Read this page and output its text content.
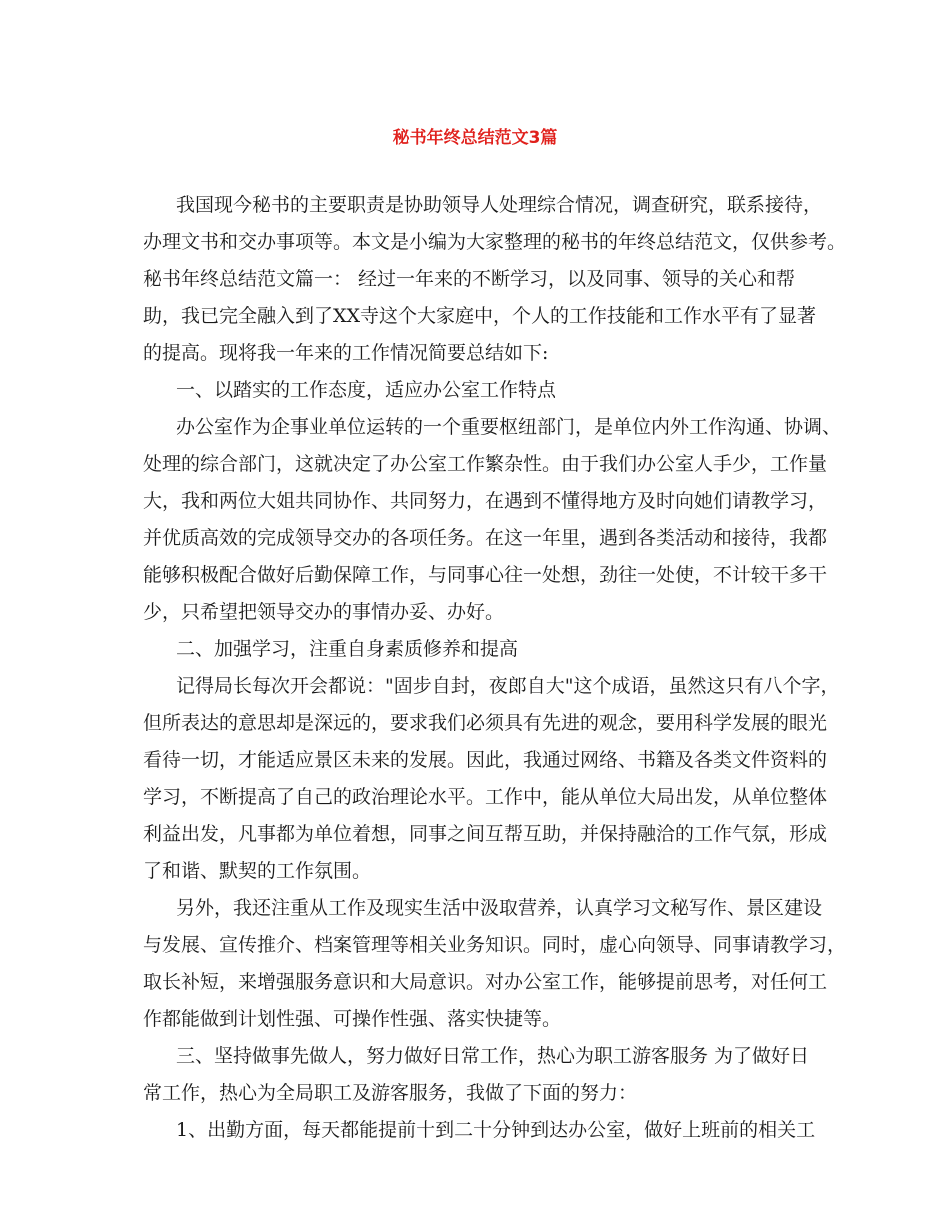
秘书年终总结范文3篇
我国现今秘书的主要职责是协助领导人处理综合情况，调查研究，联系接待，
办理文书和交办事项等。本文是小编为大家整理的秘书的年终总结范文，仅供参考。
秘书年终总结范文篇一： 经过一年来的不断学习，以及同事、领导的关心和帮
助，我已完全融入到了XX寺这个大家庭中，个人的工作技能和工作水平有了显著
的提高。现将我一年来的工作情况简要总结如下:
一、以踏实的工作态度，适应办公室工作特点
办公室作为企事业单位运转的一个重要枢纽部门，是单位内外工作沟通、协调、
处理的综合部门，这就决定了办公室工作繁杂性。由于我们办公室人手少，工作量
大，我和两位大姐共同协作、共同努力，在遇到不懂得地方及时向她们请教学习，
并优质高效的完成领导交办的各项任务。在这一年里，遇到各类活动和接待，我都
能够积极配合做好后勤保障工作，与同事心往一处想，劲往一处使，不计较干多干
少，只希望把领导交办的事情办妥、办好。
二、加强学习，注重自身素质修养和提高
记得局长每次开会都说："固步自封，夜郎自大"这个成语，虽然这只有八个字，
但所表达的意思却是深远的，要求我们必须具有先进的观念，要用科学发展的眼光
看待一切，才能适应景区未来的发展。因此，我通过网络、书籍及各类文件资料的
学习，不断提高了自己的政治理论水平。工作中，能从单位大局出发，从单位整体
利益出发，凡事都为单位着想，同事之间互帮互助，并保持融洽的工作气氛，形成
了和谐、默契的工作氛围。
另外，我还注重从工作及现实生活中汲取营养，认真学习文秘写作、景区建设
与发展、宣传推介、档案管理等相关业务知识。同时，虚心向领导、同事请教学习，
取长补短，来增强服务意识和大局意识。对办公室工作，能够提前思考，对任何工
作都能做到计划性强、可操作性强、落实快捷等。
三、坚持做事先做人，努力做好日常工作，热心为职工游客服务 为了做好日
常工作，热心为全局职工及游客服务，我做了下面的努力：
1、出勤方面，每天都能提前十到二十分钟到达办公室，做好上班前的相关工
